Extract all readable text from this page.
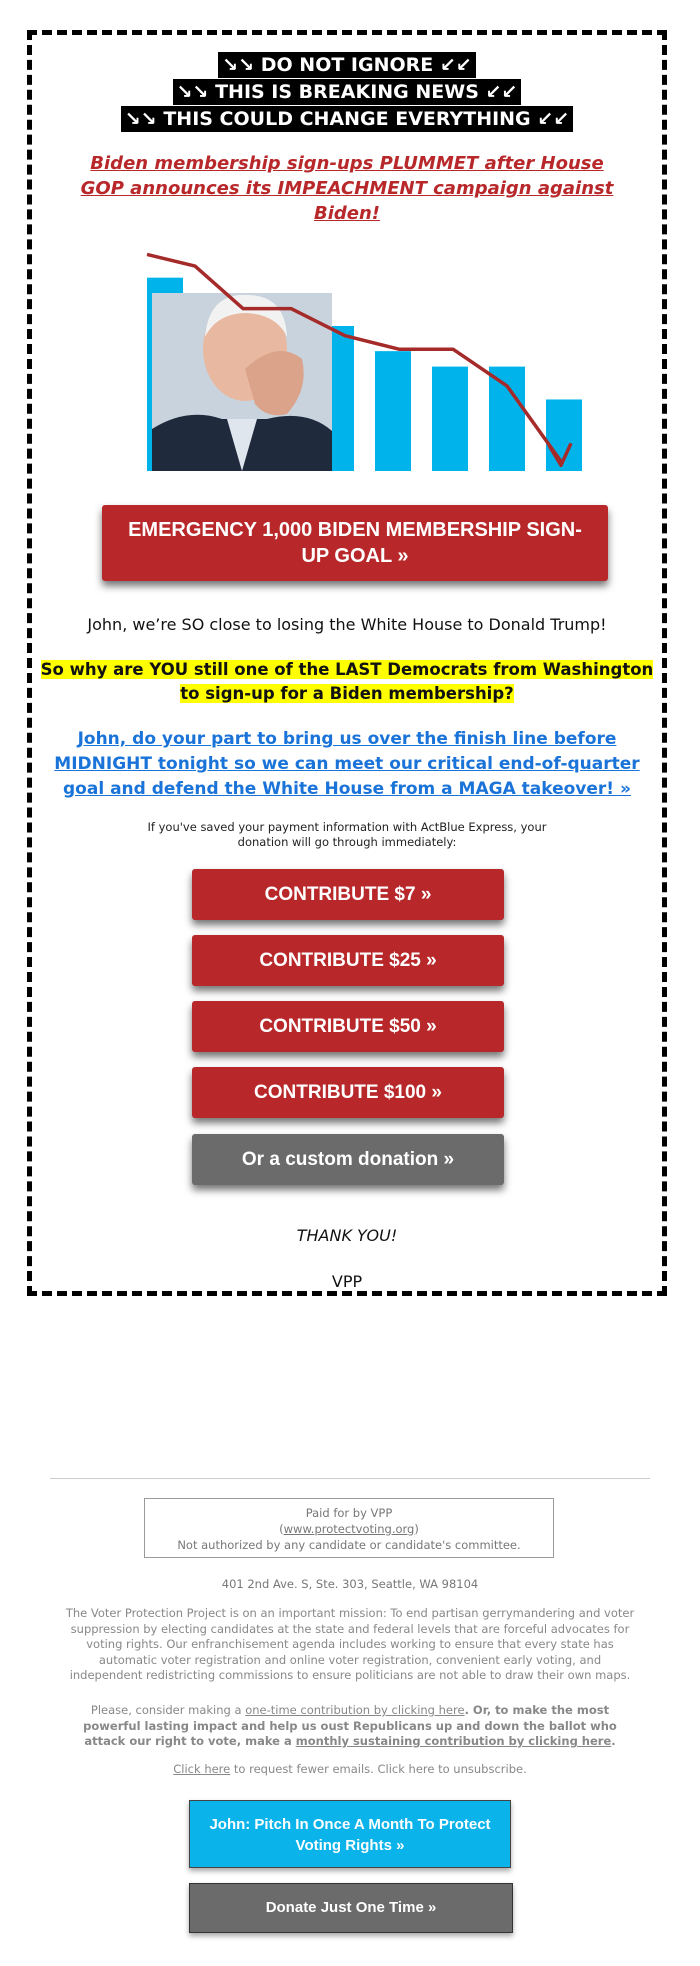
↘↘ DO NOT IGNORE ↙↙
↘↘ THIS IS BREAKING NEWS ↙↙
↘↘ THIS COULD CHANGE EVERYTHING ↙↙
Biden membership sign-ups PLUMMET after House GOP announces its IMPEACHMENT campaign against Biden!
EMERGENCY 1,000 BIDEN MEMBERSHIP SIGN-UP GOAL »
John, we’re SO close to losing the White House to Donald Trump!
So why are YOU still one of the LAST Democrats from Washington to sign-up for a Biden membership?
John, do your part to bring us over the finish line before MIDNIGHT tonight so we can meet our critical end-of-quarter goal and defend the White House from a MAGA takeover! »
If you've saved your payment information with ActBlue Express, your donation will go through immediately:
CONTRIBUTE $7 »
CONTRIBUTE $25 »
CONTRIBUTE $50 »
CONTRIBUTE $100 »
Or a custom donation »
THANK YOU!
VPP
Paid for by VPP
(www.protectvoting.org)
Not authorized by any candidate or candidate's committee.
401 2nd Ave. S, Ste. 303, Seattle, WA 98104
The Voter Protection Project is on an important mission: To end partisan gerrymandering and voter suppression by electing candidates at the state and federal levels that are forceful advocates for voting rights. Our enfranchisement agenda includes working to ensure that every state has automatic voter registration and online voter registration, convenient early voting, and independent redistricting commissions to ensure politicians are not able to draw their own maps.
Please, consider making a one-time contribution by clicking here. Or, to make the most powerful lasting impact and help us oust Republicans up and down the ballot who attack our right to vote, make a monthly sustaining contribution by clicking here.
Click here to request fewer emails. Click here to unsubscribe.
John: Pitch In Once A Month To Protect Voting Rights »
Donate Just One Time »
